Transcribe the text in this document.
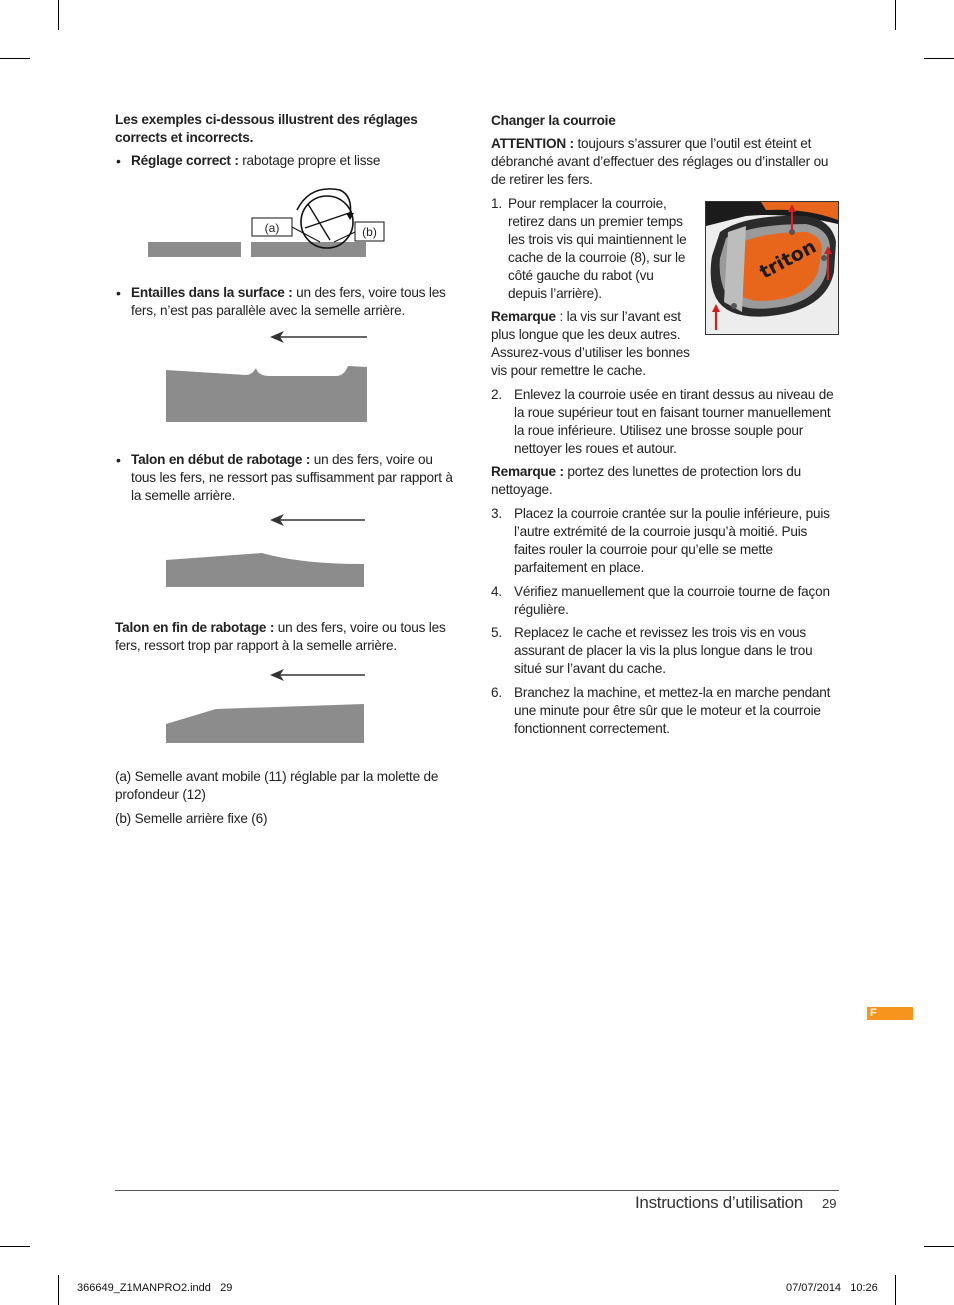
Les exemples ci-dessous illustrent des réglages corrects et incorrects.
• Réglage correct : rabotage propre et lisse
(a)	(b)
• Entailles dans la surface : un des fers, voire tous les fers, n’est pas parallèle avec la semelle arrière.
• Talon en début de rabotage : un des fers, voire ou tous les fers, ne ressort pas suffisamment par rapport à la semelle arrière.
Talon en fin de rabotage : un des fers, voire ou tous les fers, ressort trop par rapport à la semelle arrière.
(a) Semelle avant mobile (11) réglable par la molette de profondeur (12)
(b) Semelle arrière fixe (6)
Changer la courroie
ATTENTION : toujours s’assurer que l’outil est éteint et débranché avant d’effectuer des réglages ou d’installer ou de retirer les fers.
1. Pour remplacer la courroie, retirez dans un premier temps les trois vis qui maintiennent le cache de la courroie (8), sur le côté gauche du rabot (vu depuis l’arrière).
triton
Remarque : la vis sur l’avant est plus longue que les deux autres. Assurez-vous d’utiliser les bonnes vis pour remettre le cache.
2. Enlevez la courroie usée en tirant dessus au niveau de la roue supérieur tout en faisant tourner manuellement la roue inférieure. Utilisez une brosse souple pour nettoyer les roues et autour.
Remarque : portez des lunettes de protection lors du nettoyage.
3. Placez la courroie crantée sur la poulie inférieure, puis l’autre extrémité de la courroie jusqu’à moitié. Puis faites rouler la courroie pour qu’elle se mette parfaitement en place.
4. Vérifiez manuellement que la courroie tourne de façon régulière.
5. Replacez le cache et revissez les trois vis en vous assurant de placer la vis la plus longue dans le trou situé sur l’avant du cache.
6. Branchez la machine, et mettez-la en marche pendant une minute pour être sûr que le moteur et la courroie fonctionnent correctement.
F
Instructions d’utilisation 29
366649_Z1MANPRO2.indd   29	07/07/2014   10:26
